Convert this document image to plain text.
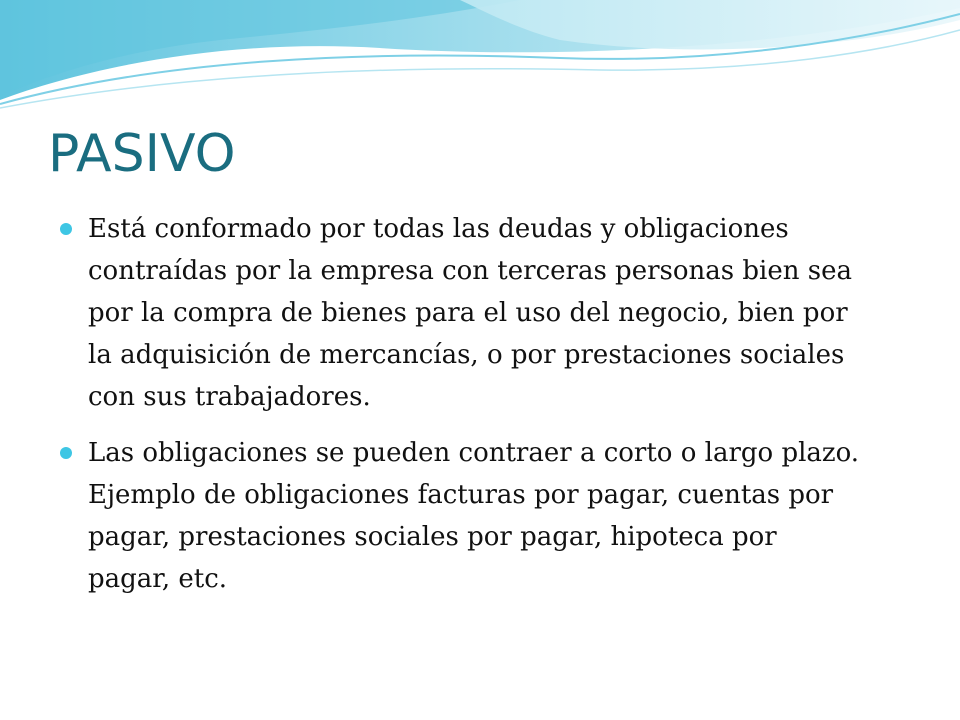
PASIVO
Está conformado por todas las deudas y obligaciones contraídas por la empresa con terceras personas bien sea por la compra de bienes para el uso del negocio, bien por la adquisición de mercancías, o por prestaciones sociales con sus trabajadores.
Las obligaciones se pueden contraer a corto o largo plazo. Ejemplo de obligaciones facturas por pagar, cuentas por pagar, prestaciones sociales por pagar, hipoteca por pagar, etc.
